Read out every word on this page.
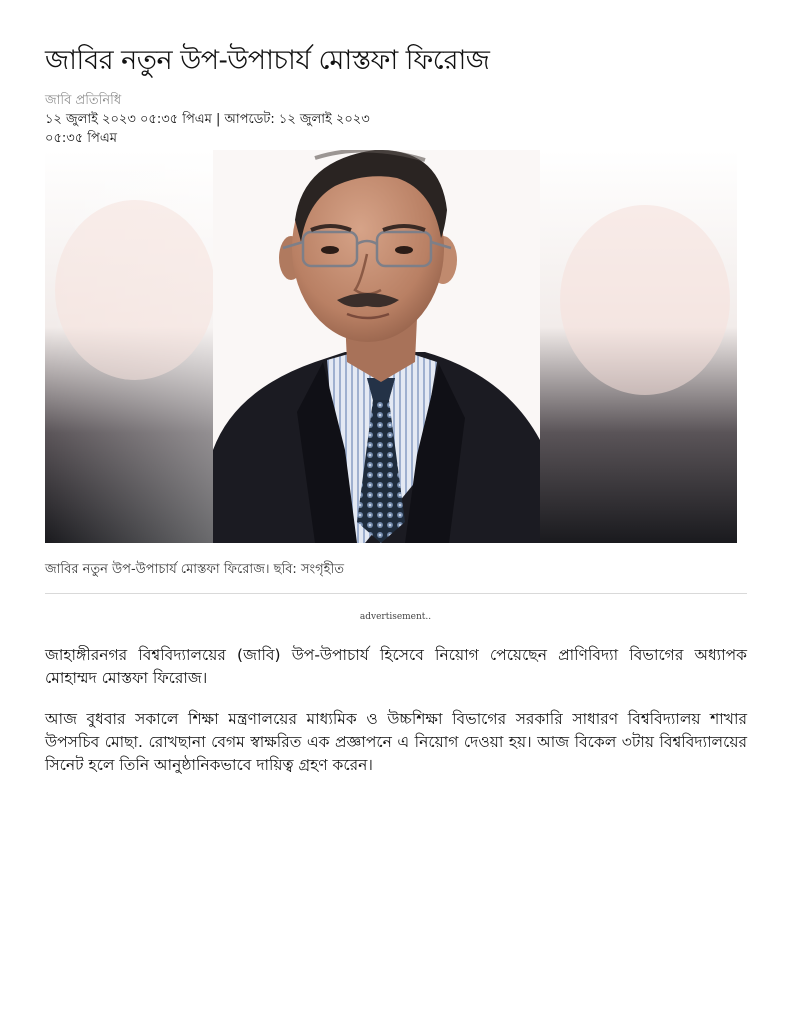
জাবির নতুন উপ-উপাচার্য মোস্তফা ফিরোজ
জাবি প্রতিনিধি
১২ জুলাই ২০২৩ ০৫:৩৫ পিএম | আপডেট: ১২ জুলাই ২০২৩ ০৫:৩৫ পিএম
জাবির নতুন উপ-উপাচার্য মোস্তফা ফিরোজ। ছবি: সংগৃহীত
advertisement..

জাহাঙ্গীরনগর বিশ্ববিদ্যালয়ের (জাবি) উপ-উপাচার্য হিসেবে নিয়োগ পেয়েছেন প্রাণিবিদ্যা বিভাগের অধ্যাপক মোহাম্মদ মোস্তফা ফিরোজ।

আজ বুধবার সকালে শিক্ষা মন্ত্রণালয়ের মাধ্যমিক ও উচ্চশিক্ষা বিভাগের সরকারি সাধারণ বিশ্ববিদ্যালয় শাখার উপসচিব মোছা. রোখছানা বেগম স্বাক্ষরিত এক প্রজ্ঞাপনে এ নিয়োগ দেওয়া হয়। আজ বিকেল ৩টায় বিশ্ববিদ্যালয়ের সিনেট হলে তিনি আনুষ্ঠানিকভাবে দায়িত্ব গ্রহণ করেন।
